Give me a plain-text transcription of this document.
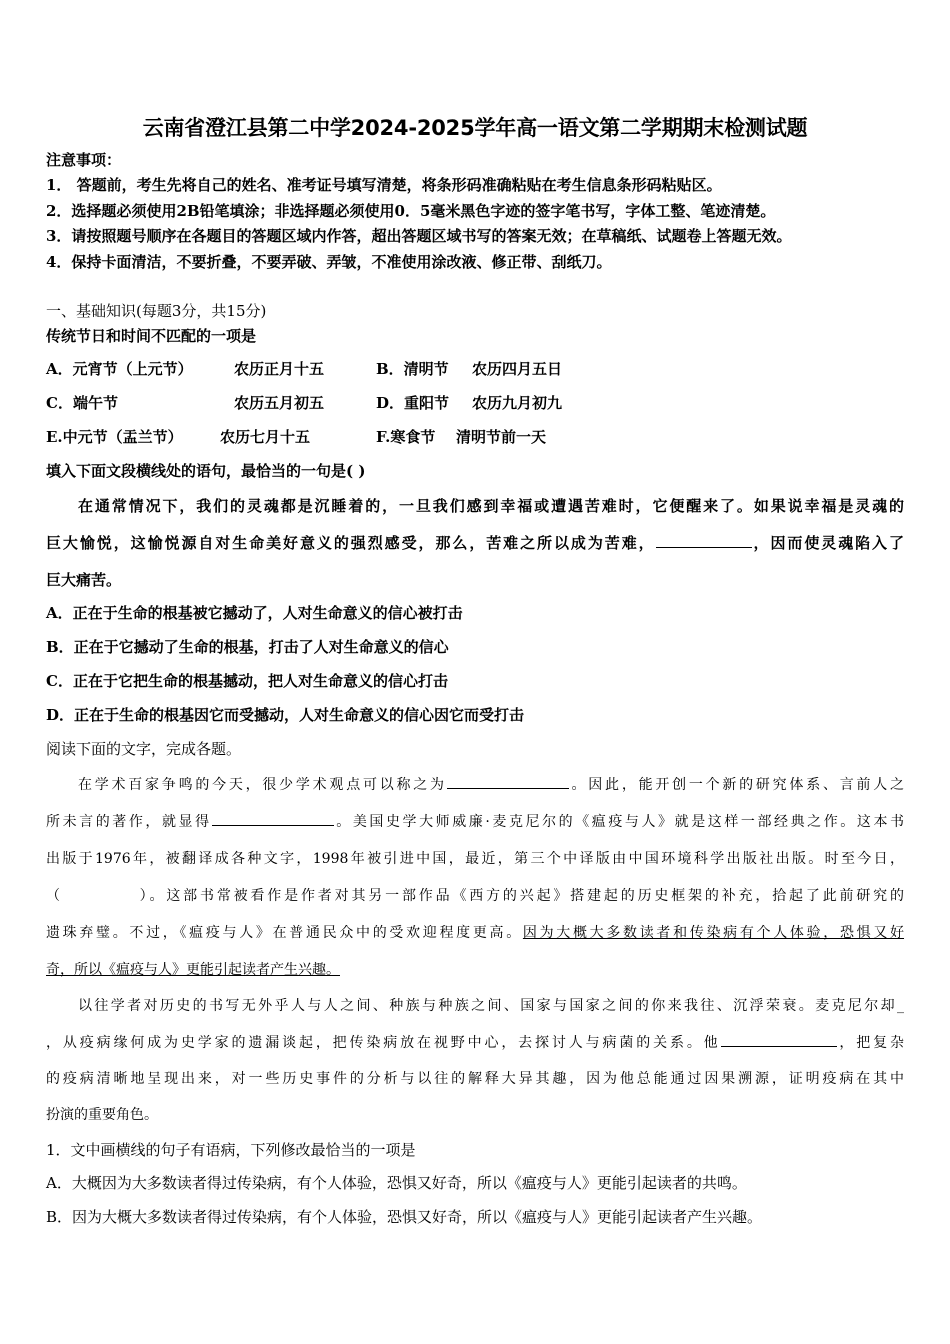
云南省澄江县第二中学2024-2025学年高一语文第二学期期末检测试题
注意事项：
1． 答题前，考生先将自己的姓名、准考证号填写清楚，将条形码准确粘贴在考生信息条形码粘贴区。
2．选择题必须使用2B铅笔填涂；非选择题必须使用0．5毫米黑色字迹的签字笔书写，字体工整、笔迹清楚。
3．请按照题号顺序在各题目的答题区域内作答，超出答题区域书写的答案无效；在草稿纸、试题卷上答题无效。
4．保持卡面清洁，不要折叠，不要弄破、弄皱，不准使用涂改液、修正带、刮纸刀。
一、基础知识(每题3分，共15分)
传统节日和时间不匹配的一项是
A．元宵节（上元节）	农历正月十五	B．清明节 农历四月五日
C．端午节	农历五月初五	D．重阳节 农历九月初九
E.中元节（盂兰节） 农历七月十五	F.寒食节 清明节前一天
填入下面文段横线处的语句，最恰当的一句是( )
在通常情况下，我们的灵魂都是沉睡着的，一旦我们感到幸福或遭遇苦难时，它便醒来了。如果说幸福是灵魂的
巨大愉悦，这愉悦源自对生命美好意义的强烈感受，那么，苦难之所以成为苦难，	，因而使灵魂陷入了
巨大痛苦。
A．正在于生命的根基被它撼动了，人对生命意义的信心被打击
B．正在于它撼动了生命的根基，打击了人对生命意义的信心
C．正在于它把生命的根基撼动，把人对生命意义的信心打击
D．正在于生命的根基因它而受撼动，人对生命意义的信心因它而受打击
阅读下面的文字，完成各题。
在学术百家争鸣的今天，很少学术观点可以称之为	。因此，能开创一个新的研究体系、言前人之
所未言的著作，就显得	。美国史学大师威廉·麦克尼尔的《瘟疫与人》就是这样一部经典之作。这本书
出版于1976年，被翻译成各种文字，1998年被引进中国，最近，第三个中译版由中国环境科学出版社出版。时至今日，
（	）。这部书常被看作是作者对其另一部作品《西方的兴起》搭建起的历史框架的补充，拾起了此前研究的
遗珠弃璧。不过，《瘟疫与人》在普通民众中的受欢迎程度更高。因为大概大多数读者和传染病有个人体验，恐惧又好
奇，所以《瘟疫与人》更能引起读者产生兴趣。
以往学者对历史的书写无外乎人与人之间、种族与种族之间、国家与国家之间的你来我往、沉浮荣衰。麦克尼尔却_
，从疫病缘何成为史学家的遗漏谈起，把传染病放在视野中心，去探讨人与病菌的关系。他	，把复杂
的疫病清晰地呈现出来，对一些历史事件的分析与以往的解释大异其趣，因为他总能通过因果溯源，证明疫病在其中
扮演的重要角色。
1．文中画横线的句子有语病，下列修改最恰当的一项是
A．大概因为大多数读者得过传染病，有个人体验，恐惧又好奇，所以《瘟疫与人》更能引起读者的共鸣。
B．因为大概大多数读者得过传染病，有个人体验，恐惧又好奇，所以《瘟疫与人》更能引起读者产生兴趣。
